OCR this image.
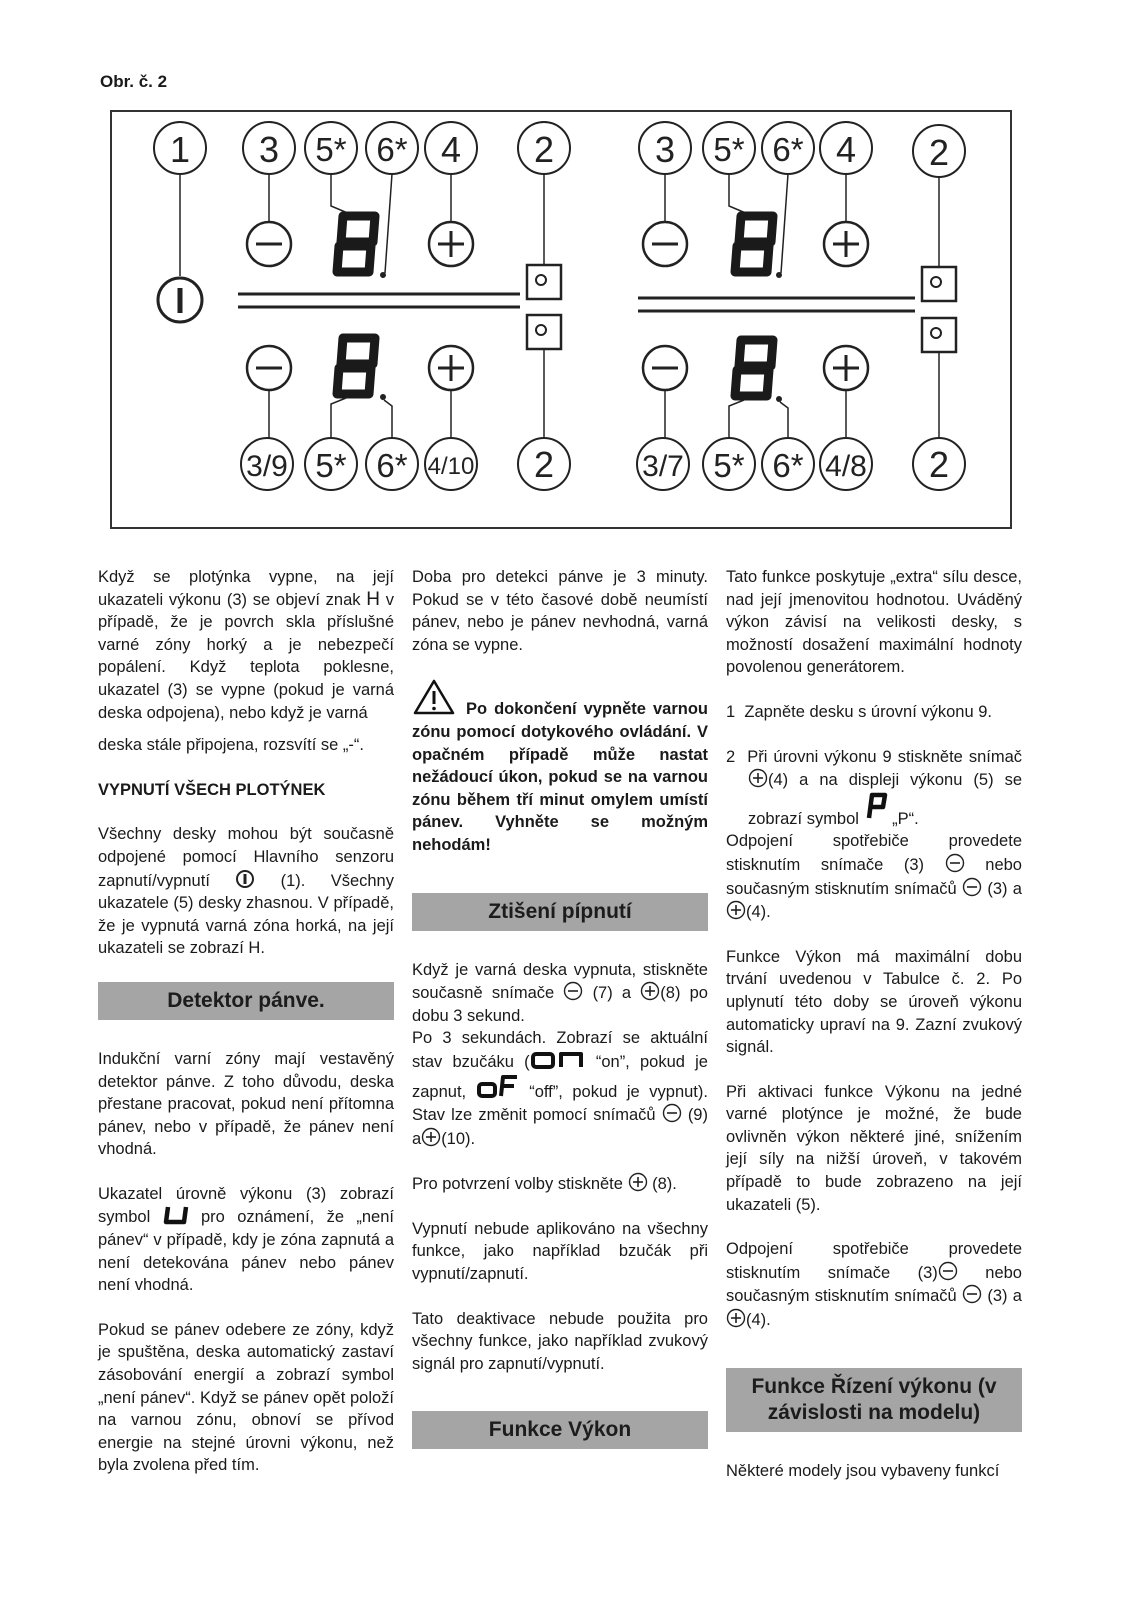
Obr. č. 2
1 3 5* 6* 4 2
3/9 5* 6* 4/10 2
3 5* 6* 4 2
3/7 5* 6* 4/8 2

Když se plotýnka vypne, na její ukazateli výkonu (3) se objeví znak H v případě, že je povrch skla příslušné varné zóny horký a je nebezpečí popálení. Když teplota poklesne, ukazatel (3) se vypne (pokud je varná deska odpojena), nebo když je varná

deska stále připojena, rozsvítí se „-“.

VYPNUTÍ VŠECH PLOTÝNEK

Všechny desky mohou být současně odpojené pomocí Hlavního senzoru zapnutí/vypnutí	(1). Všechny ukazatele (5) desky zhasnou. V případě, že je vypnutá varná zóna horká, na její ukazateli se zobrazí H.

Detektor pánve.

Indukční varní zóny mají vestavěný detektor pánve. Z toho důvodu, deska přestane pracovat, pokud není přítomna pánev, nebo v případě, že pánev není vhodná.

Ukazatel úrovně výkonu (3) zobrazí symbol	pro oznámení, že „není pánev“ v případě, kdy je zóna zapnutá a není detekována pánev nebo pánev není vhodná.

Pokud se pánev odebere ze zóny, když je spuštěna, deska automatický zastaví zásobování energií a zobrazí symbol „není pánev“. Když se pánev opět položí na varnou zónu, obnoví se přívod energie na stejné úrovni výkonu, než byla zvolena před tím.

Doba pro detekci pánve je 3 minuty. Pokud se v této časové době neumístí pánev, nebo je pánev nevhodná, varná zóna se vypne.

Po dokončení vypněte varnou zónu pomocí dotykového ovládání. V opačném případě může nastat nežádoucí úkon, pokud se na varnou zónu během tří minut omylem umístí pánev. Vyhněte se možným nehodám!

Ztišení pípnutí

Když je varná deska vypnuta, stiskněte současně snímače (7) a (8) po dobu 3 sekund.
Po 3 sekundách. Zobrazí se aktuální stav bzučáku (	“on”, pokud je zapnut,	“off”, pokud je vypnut). Stav lze změnit pomocí snímačů (9) a (10).

Pro potvrzení volby stiskněte (8).

Vypnutí nebude aplikováno na všechny funkce, jako například bzučák při vypnutí/zapnutí.

Tato deaktivace nebude použita pro všechny funkce, jako například zvukový signál pro zapnutí/vypnutí.

Funkce Výkon

Tato funkce poskytuje „extra“ sílu desce, nad její jmenovitou hodnotou. Uváděný výkon závisí na velikosti desky, s možností dosažení maximální hodnoty povolenou generátorem.

1 Zapněte desku s úrovní výkonu 9.
2 Při úrovni výkonu 9 stiskněte snímač(4) a na displeji výkonu (5) se zobrazí symbol „P“.

Odpojení spotřebiče provedete stisknutím snímače (3)	nebo současným stisknutím snímačů (3) a(4).

Funkce Výkon má maximální dobu trvání uvedenou v Tabulce č. 2. Po uplynutí této doby se úroveň výkonu automaticky upraví na 9. Zazní zvukový signál.

Při aktivaci funkce Výkonu na jedné varné plotýnce je možné, že bude ovlivněn výkon některé jiné, snížením její síly na nižší úroveň, v takovém případě to bude zobrazeno na její ukazateli (5).

Odpojení spotřebiče provedete stisknutím snímače (3)	nebo současným stisknutím snímačů (3) a(4).

Funkce Řízení výkonu (v závislosti na modelu)

Některé modely jsou vybaveny funkcí
